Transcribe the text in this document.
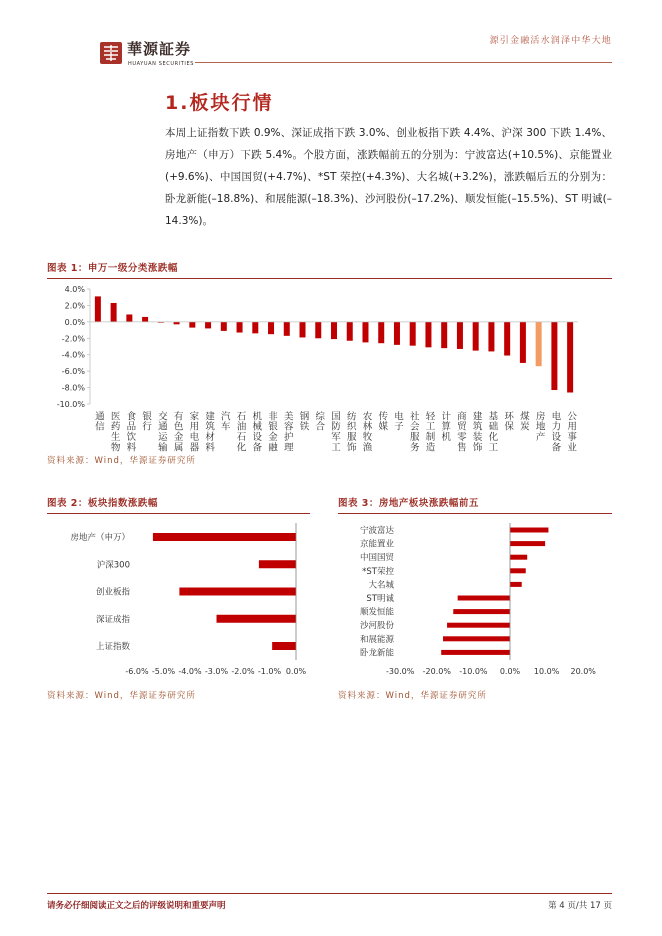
華源証券
HUAYUAN SECURITIES
源引金融活水润泽中华大地
1.板块行情

本周上证指数下跌 0.9%、深证成指下跌 3.0%、创业板指下跌 4.4%、沪深 300 下跌 1.4%、房地产（申万）下跌 5.4%。个股方面，涨跌幅前五的分别为：宁波富达(+10.5%)、京能置业(+9.6%)、中国国贸(+4.7%)、*ST 荣控(+4.3%)、大名城(+3.2%)，涨跌幅后五的分别为：卧龙新能(–18.8%)、和展能源(–18.3%)、沙河股份(–17.2%)、顺发恒能(–15.5%)、ST 明诚(–14.3%)。

图表 1：申万一级分类涨跌幅
4.0%
2.0%
0.0%
-2.0%
-4.0%
-6.0%
-8.0%
-10.0%
通信 医药生物 食品饮料 银行 交通运输 有色金属 家用电器 建筑材料 汽车 石油石化 机械设备 非银金融 美容护理 钢铁 综合 国防军工 纺织服饰 农林牧渔 传媒 电子 社会服务 轻工制造 计算机 商贸零售 建筑装饰 基础化工 环保 煤炭 房地产 电力设备 公用事业
资料来源：Wind，华源证券研究所
图表 2：板块指数涨跌幅
房地产（申万）
沪深300
创业板指
深证成指
上证指数
-6.0% -5.0% -4.0% -3.0% -2.0% -1.0% 0.0%
资料来源：Wind，华源证券研究所
图表 3：房地产板块涨跌幅前五
宁波富达
京能置业
中国国贸
*ST荣控
大名城
ST明诚
顺发恒能
沙河股份
和展能源
卧龙新能
-30.0% -20.0% -10.0% 0.0% 10.0% 20.0%
资料来源：Wind，华源证券研究所
请务必仔细阅读正文之后的评级说明和重要声明	第 4 页/共 17 页
